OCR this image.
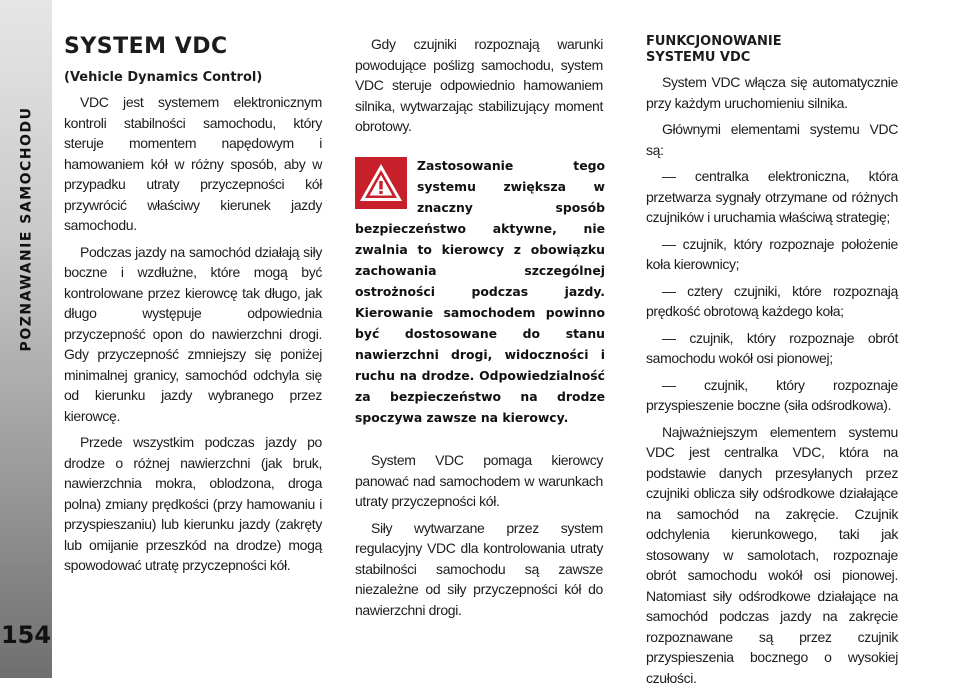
POZNAWANIE SAMOCHODU
154
SYSTEM VDC
(Vehicle Dynamics Control)

VDC jest systemem elektronicznym kontroli stabilności samochodu, który steruje momentem napędowym i hamowaniem kół w różny sposób, aby w przypadku utraty przyczepności kół przywrócić właściwy kierunek jazdy samochodu.

Podczas jazdy na samochód działają siły boczne i wzdłużne, które mogą być kontrolowane przez kierowcę tak długo, jak długo występuje odpowiednia przyczepność opon do nawierzchni drogi. Gdy przyczepność zmniejszy się poniżej minimalnej granicy, samochód odchyla się od kierunku jazdy wybranego przez kierowcę.

Przede wszystkim podczas jazdy po drodze o różnej nawierzchni (jak bruk, nawierzchnia mokra, oblodzona, droga polna) zmiany prędkości (przy hamowaniu i przyspieszaniu) lub kierunku jazdy (zakręty lub omijanie przeszkód na drodze) mogą spowodować utratę przyczepności kół.

Gdy czujniki rozpoznają warunki powodujące poślizg samochodu, system VDC steruje odpowiednio hamowaniem silnika, wytwarzając stabilizujący moment obrotowy.

Zastosowanie tego systemu zwiększa w znaczny sposób bezpieczeństwo aktywne, nie zwalnia to kierowcy z obowiązku zachowania szczególnej ostrożności podczas jazdy. Kierowanie samochodem powinno być dostosowane do stanu nawierzchni drogi, widoczności i ruchu na drodze. Odpowiedzialność za bezpieczeństwo na drodze spoczywa zawsze na kierowcy.

System VDC pomaga kierowcy panować nad samochodem w warunkach utraty przyczepności kół.

Siły wytwarzane przez system regulacyjny VDC dla kontrolowania utraty stabilności samochodu są zawsze niezależne od siły przyczepności kół do nawierzchni drogi.

FUNKCJONOWANIE
SYSTEMU VDC

System VDC włącza się automatycznie przy każdym uruchomieniu silnika.

Głównymi elementami systemu VDC są:

— centralka elektroniczna, która przetwarza sygnały otrzymane od różnych czujników i uruchamia właściwą strategię;

— czujnik, który rozpoznaje położenie koła kierownicy;

— cztery czujniki, które rozpoznają prędkość obrotową każdego koła;

— czujnik, który rozpoznaje obrót samochodu wokół osi pionowej;

— czujnik, który rozpoznaje przyspieszenie boczne (siła odśrodkowa).

Najważniejszym elementem systemu VDC jest centralka VDC, która na podstawie danych przesyłanych przez czujniki oblicza siły odśrodkowe działające na samochód na zakręcie. Czujnik odchylenia kierunkowego, taki jak stosowany w samolotach, rozpoznaje obrót samochodu wokół osi pionowej. Natomiast siły odśrodkowe działające na samochód podczas jazdy na zakręcie rozpoznawane są przez czujnik przyspieszenia bocznego o wysokiej czułości.
